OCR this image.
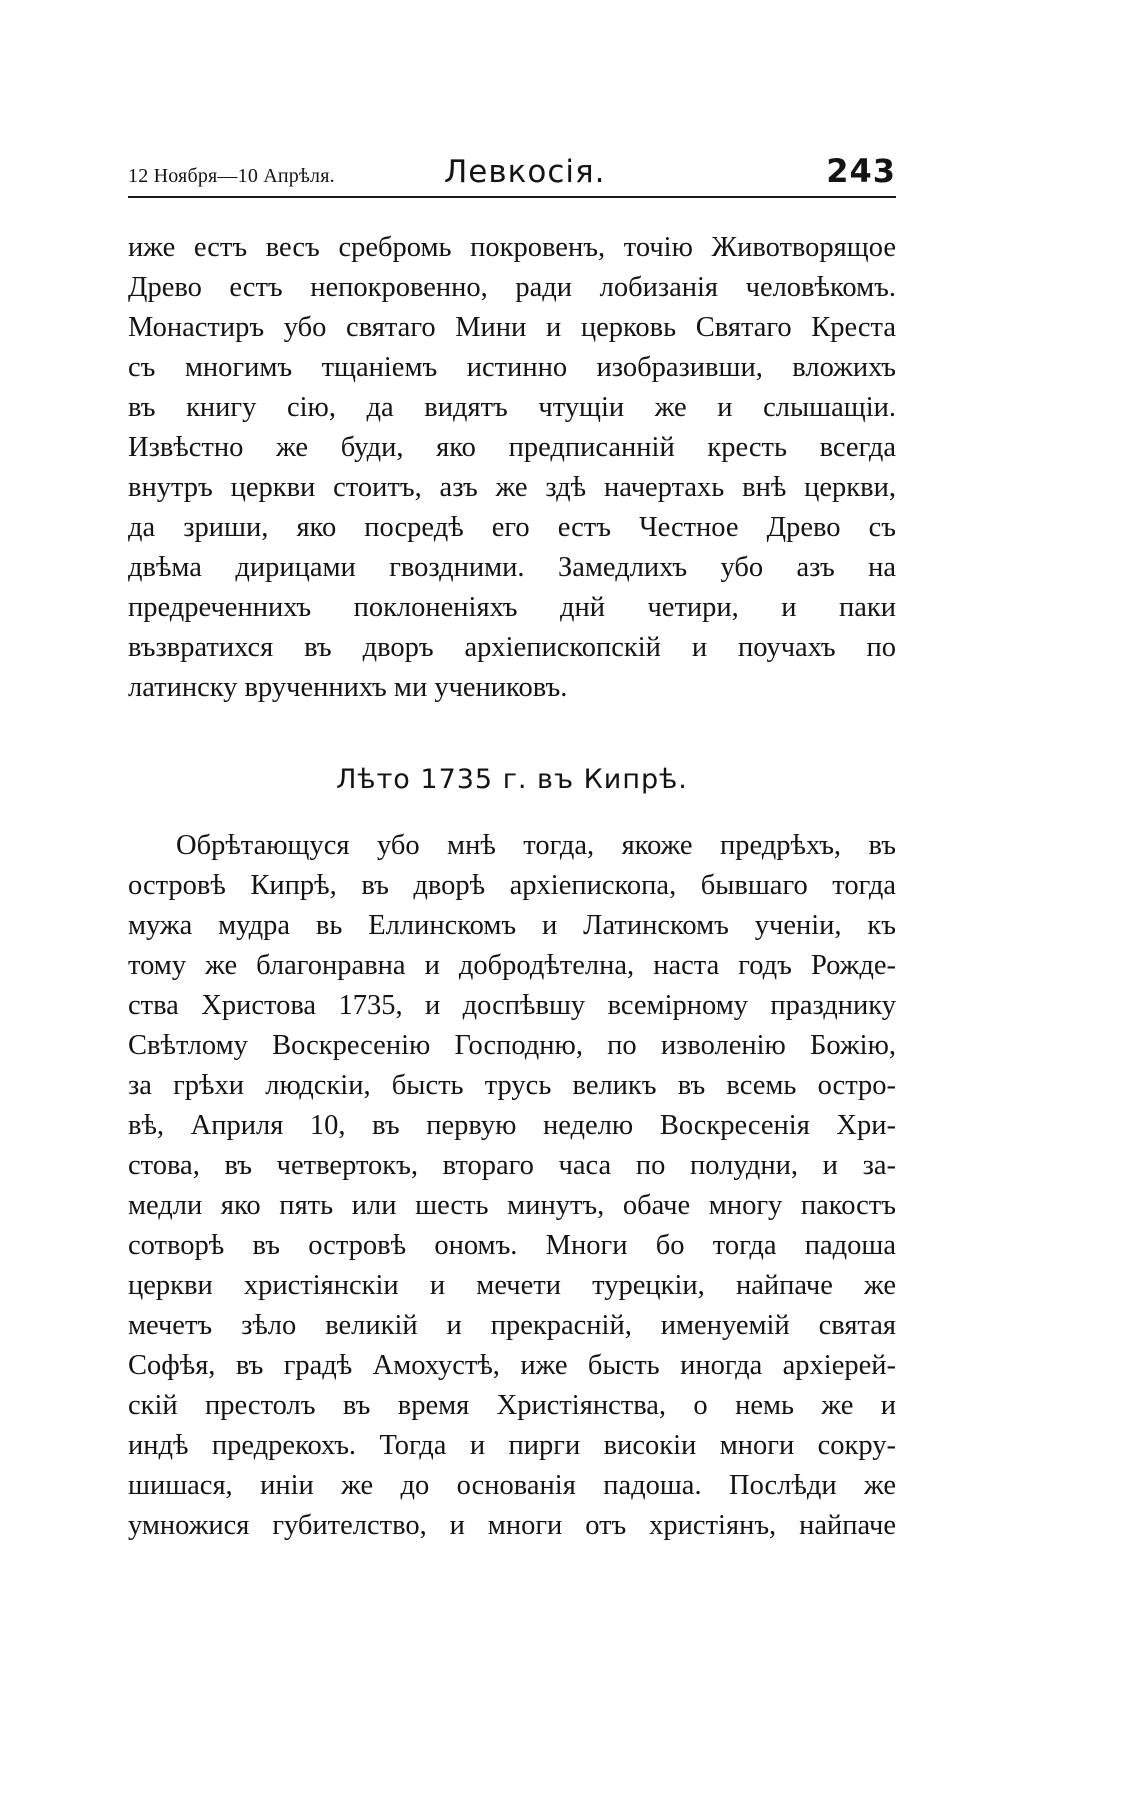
12 Ноября—10 Апрѣля.	Левкосія.	243
иже естъ весъ сребромь покровенъ, точію Животворящое
Древо естъ непокровенно, ради лобизанія человѣкомъ.
Монастиръ убо святаго Мини и церковь Святаго Креста
съ многимъ тщаніемъ истинно изобразивши, вложихъ
въ книгу сію, да видятъ чтущіи же и слышащіи.
Извѣстно же буди, яко предписанній кресть всегда
внутръ церкви стоитъ, азъ же здѣ начертахь внѣ церкви,
да зриши, яко посредѣ его естъ Честное Древо съ
двѣма дирицами гвоздними. Замедлихъ убо азъ на
предреченнихъ поклоненіяхъ днй четири, и паки
възвратихся въ дворъ архіепископскій и поучахъ по
латинску врученнихъ ми учениковъ.
Лѣто 1735 г. въ Кипрѣ.
Обрѣтающуся убо мнѣ тогда, якоже предрѣхъ, въ
островѣ Кипрѣ, въ дворѣ архіепископа, бывшаго тогда
мужа мудра вь Еллинскомъ и Латинскомъ ученіи, къ
тому же благонравна и добродѣтелна, наста годъ Рожде-
ства Христова 1735, и доспѣвшу всемірному празднику
Свѣтлому Воскресенію Господню, по изволенію Божію,
за грѣхи людскіи, бысть трусь великъ въ всемь остро-
вѣ, Априля 10, въ первую неделю Воскресенія Хри-
стова, въ четвертокъ, втораго часа по полудни, и за-
медли яко пять или шесть минутъ, обаче многу пакостъ
сотворѣ въ островѣ ономъ. Многи бо тогда падоша
церкви христіянскіи и мечети турецкіи, найпаче же
мечетъ зѣло великій и прекрасній, именуемій святая
Софѣя, въ градѣ Амохустѣ, иже бысть иногда архіерей-
скій престолъ въ время Христіянства, о немь же и
индѣ предрекохъ. Тогда и пирги високіи многи сокру-
шишася, иніи же до основанія падоша. Послѣди же
умножися губителство, и многи отъ христіянъ, найпаче
